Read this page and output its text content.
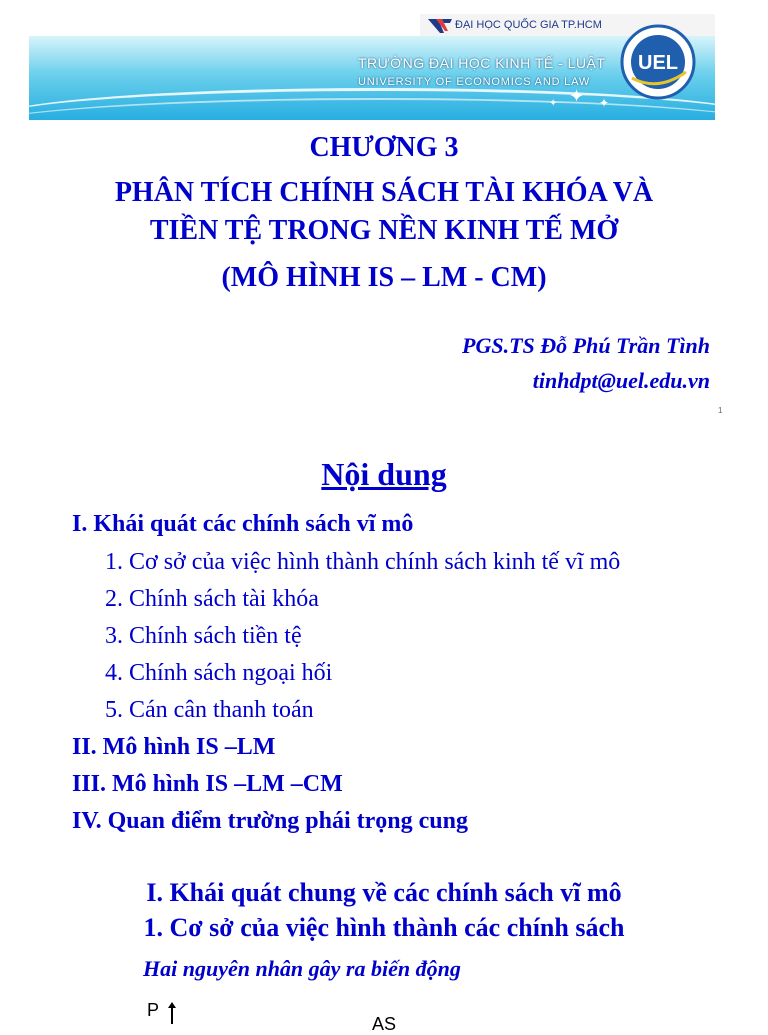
ĐẠI HỌC QUỐC GIA TP.HCM
✦ ✦
✦
TRƯỜNG ĐẠI HỌC KINH TẾ - LUẬT
UNIVERSITY OF ECONOMICS AND LAW
UEL
CHƯƠNG 3
PHÂN TÍCH CHÍNH SÁCH TÀI KHÓA VÀ
TIỀN TỆ TRONG NỀN KINH TẾ MỞ
(MÔ HÌNH IS – LM - CM)
PGS.TS Đỗ Phú Trần Tình
tinhdpt@uel.edu.vn
1
Nội dung
I. Khái quát các chính sách vĩ mô
1. Cơ sở của việc hình thành chính sách kinh tế vĩ mô
2. Chính sách tài khóa
3. Chính sách tiền tệ
4. Chính sách ngoại hối
5. Cán cân thanh toán
II. Mô hình IS –LM
III. Mô hình IS –LM –CM
IV. Quan điểm trường phái trọng cung
I. Khái quát chung về các chính sách vĩ mô
1. Cơ sở của việc hình thành các chính sách
Hai nguyên nhân gây ra biến động
P
AS
